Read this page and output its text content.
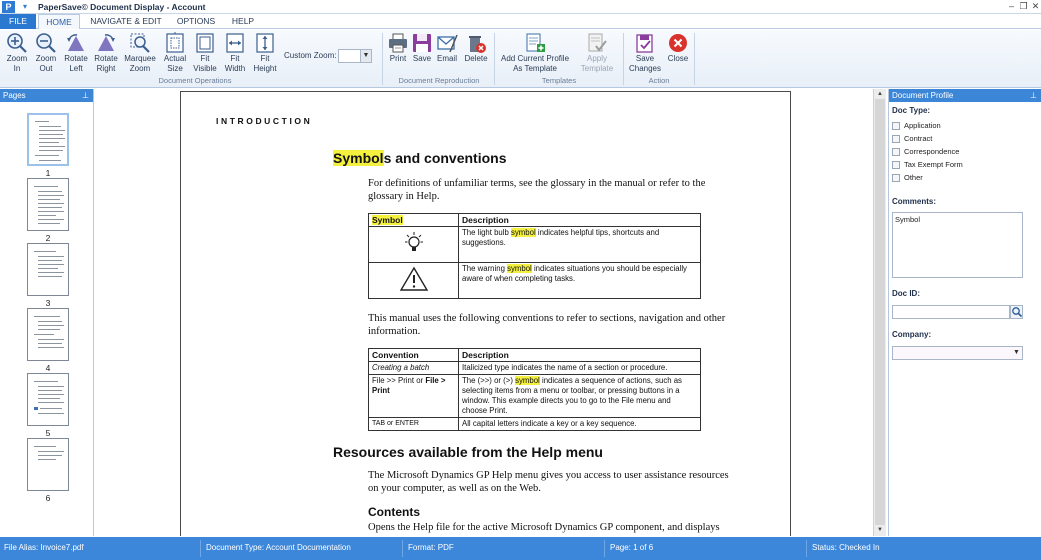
P	▾	PaperSave© Document Display - Account	– ❐ ✕
FILE	HOME	NAVIGATE & EDIT	OPTIONS	HELP
Zoom
In
Zoom
Out
Rotate
Left
Rotate
Right
Marquee
Zoom
Actual
Size
Fit
Visible
Fit
Width
Fit
Height
Custom Zoom:	▼
Document Operations
Print Save Email Delete
Document Reproduction
Add Current Profile
As Template
Apply
Template
Templates
Save
Changes
Close
Action
Pages	⊥
1
2
3
4
5
6
INTRODUCTION
Symbols and conventions
For definitions of unfamiliar terms, see the glossary in the manual or refer to the glossary in Help.
Symbol	Description
	The light bulb symbol indicates helpful tips, shortcuts and suggestions.
	The warning symbol indicates situations you should be especially aware of when completing tasks.
This manual uses the following conventions to refer to sections, navigation and other information.
Convention	Description
Creating a batch	Italicized type indicates the name of a section or procedure.
File >> Print or File > Print	The (>>) or (>) symbol indicates a sequence of actions, such as selecting items from a menu or toolbar, or pressing buttons in a window. This example directs you to go to the File menu and choose Print.
TAB or ENTER	All capital letters indicate a key or a key sequence.
Resources available from the Help menu
The Microsoft Dynamics GP Help menu gives you access to user assistance resources on your computer, as well as on the Web.
Contents
Opens the Help file for the active Microsoft Dynamics GP component, and displays
▲
▼
Document Profile	⊥
Doc Type:
Application
Contract
Correspondence
Tax Exempt Form
Other
Comments:
Symbol
Doc ID:
Company:
▼
File Alias: Invoice7.pdf	Document Type: Account Documentation	Format: PDF	Page: 1 of 6	Status: Checked In
